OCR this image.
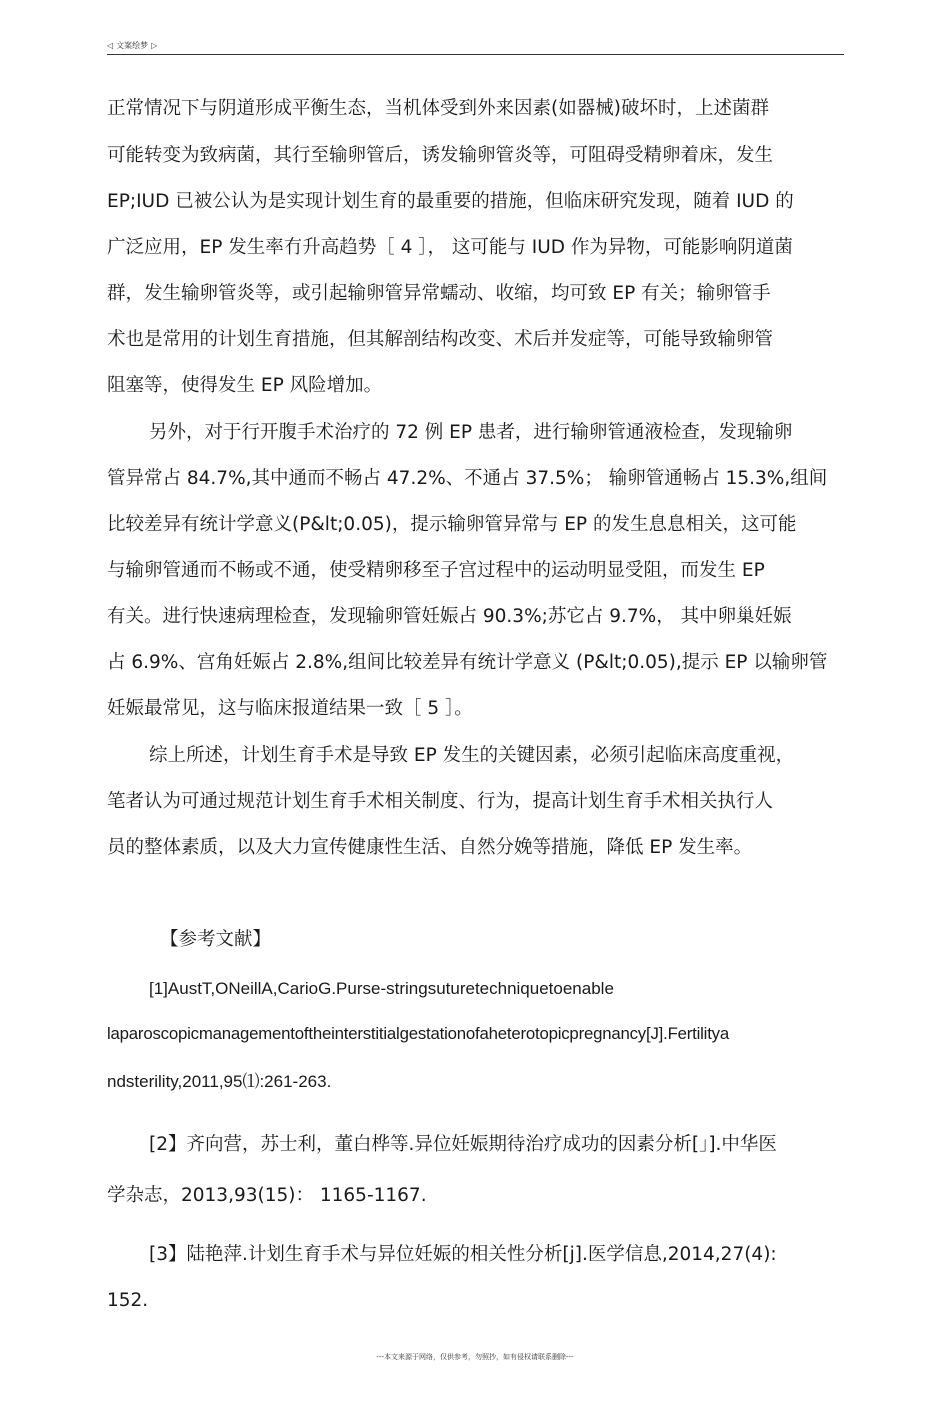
◁ 文案绘梦 ▷
正常情况下与阴道形成平衡生态，当机体受到外来因素(如器械)破坏时，上述菌群
可能转变为致病菌，其行至输卵管后，诱发输卵管炎等，可阻碍受精卵着床，发生
EP;IUD 已被公认为是实现计划生育的最重要的措施，但临床研究发现，随着 IUD 的
广泛应用，EP 发生率冇升高趋势［ 4 ］， 这可能与 IUD 作为异物，可能影响阴道菌
群，发生输卵管炎等，或引起输卵管异常蠕动、收缩，均可致 EP 有关；输卵管手
术也是常用的计划生育措施，但其解剖结构改变、术后并发症等，可能导致输卵管
阻塞等，使得发生 EP 风险增加。
另外，对于行开腹手术治疗的 72 例 EP 患者，进行输卵管通液检查，发现输卵
管异常占 84.7%,其中通而不畅占 47.2%、不通占 37.5%； 输卵管通畅占 15.3%,组间
比较差异有统计学意义(P&lt;0.05)，提示输卵管异常与 EP 的发生息息相关，这可能
与输卵管通而不畅或不通，使受精卵移至子宫过程中的运动明显受阻，而发生 EP
有关。进行快速病理检查，发现输卵管妊娠占 90.3%;苏它占 9.7%， 其中卵巢妊娠
占 6.9%、宫角妊娠占 2.8%,组间比较差异有统计学意义 (P&lt;0.05),提示 EP 以输卵管
妊娠最常见，这与临床报道结果一致［ 5 ］。
综上所述，计划生育手术是导致 EP 发生的关键因素，必须引起临床高度重视，
笔者认为可通过规范计划生育手术相关制度、行为，提高计划生育手术相关执行人
员的整体素质，以及大力宣传健康性生活、自然分娩等措施，降低 EP 发生率。
【参考文献】
[1]AustT,ONeillA,CarioG.Purse-stringsuturetechniquetoenable
laparoscopicmanagementoftheinterstitialgestationofaheterotopicpregnancy[J].Fertilitya
ndsterility,2011,95⑴:261-263.
[2】齐向营，苏士利，董白桦等.异位妊娠期待治疗成功的因素分析[」].中华医
学杂志，2013,93(15)： 1165-1167.
[3】陆艳萍.计划生育手术与异位妊娠的相关性分析[j].医学信息,2014,27(4):
152.
---本文来源于网络，仅供参考，勿照抄，如有侵权请联系删除---
